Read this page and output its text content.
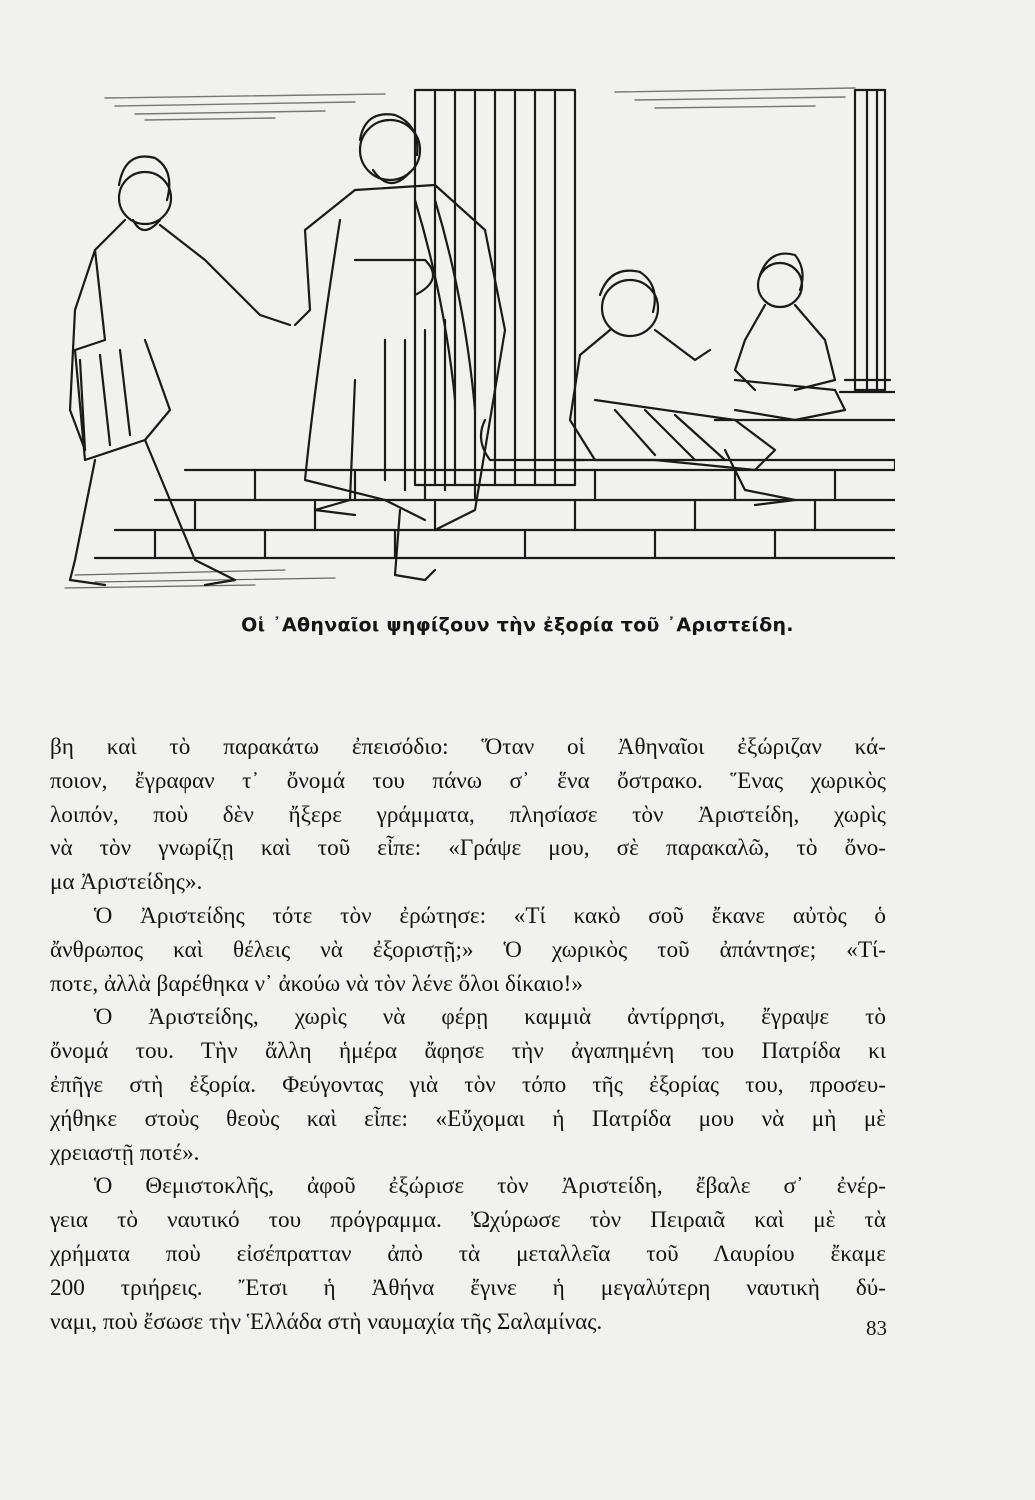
Οἱ ᾿Αθηναῖοι ψηφίζουν τὴν ἐξορία τοῦ ᾿Αριστείδη.
βη καὶ τὸ παρακάτω ἐπεισόδιο: Ὅταν οἱ Ἀθηναῖοι ἐξώριζαν κά-
ποιον, ἔγραφαν τ᾿ ὄνομά του πάνω σ᾿ ἕνα ὄστρακο. Ἕνας χωρικὸς
λοιπόν, ποὺ δὲν ἤξερε γράμματα, πλησίασε τὸν Ἀριστείδη, χωρὶς
νὰ τὸν γνωρίζῃ καὶ τοῦ εἶπε: «Γράψε μου, σὲ παρακαλῶ, τὸ ὄνο-
μα Ἀριστείδης».
Ὁ Ἀριστείδης τότε τὸν ἐρώτησε: «Τί κακὸ σοῦ ἔκανε αὐτὸς ὁ
ἄνθρωπος καὶ θέλεις νὰ ἐξοριστῇ;» Ὁ χωρικὸς τοῦ ἀπάντησε; «Τί-
ποτε, ἀλλὰ βαρέθηκα ν᾿ ἀκούω νὰ τὸν λένε ὅλοι δίκαιο!»
Ὁ Ἀριστείδης, χωρὶς νὰ φέρῃ καμμιὰ ἀντίρρησι, ἔγραψε τὸ
ὄνομά του. Τὴν ἄλλη ἡμέρα ἄφησε τὴν ἀγαπημένη του Πατρίδα κι
ἐπῆγε στὴ ἐξορία. Φεύγοντας γιὰ τὸν τόπο τῆς ἐξορίας του, προσευ-
χήθηκε στοὺς θεοὺς καὶ εἶπε: «Εὔχομαι ἡ Πατρίδα μου νὰ μὴ μὲ
χρειαστῇ ποτέ».
Ὁ Θεμιστοκλῆς, ἀφοῦ ἐξώρισε τὸν Ἀριστείδη, ἔβαλε σ᾿ ἐνέρ-
γεια τὸ ναυτικό του πρόγραμμα. Ὠχύρωσε τὸν Πειραιᾶ καὶ μὲ τὰ
χρήματα ποὺ εἰσέπρατταν ἀπὸ τὰ μεταλλεῖα τοῦ Λαυρίου ἔκαμε
200 τριήρεις. Ἔτσι ἡ Ἀθήνα ἔγινε ἡ μεγαλύτερη ναυτικὴ δύ-
ναμι, ποὺ ἔσωσε τὴν Ἑλλάδα στὴ ναυμαχία τῆς Σαλαμίνας.	83
